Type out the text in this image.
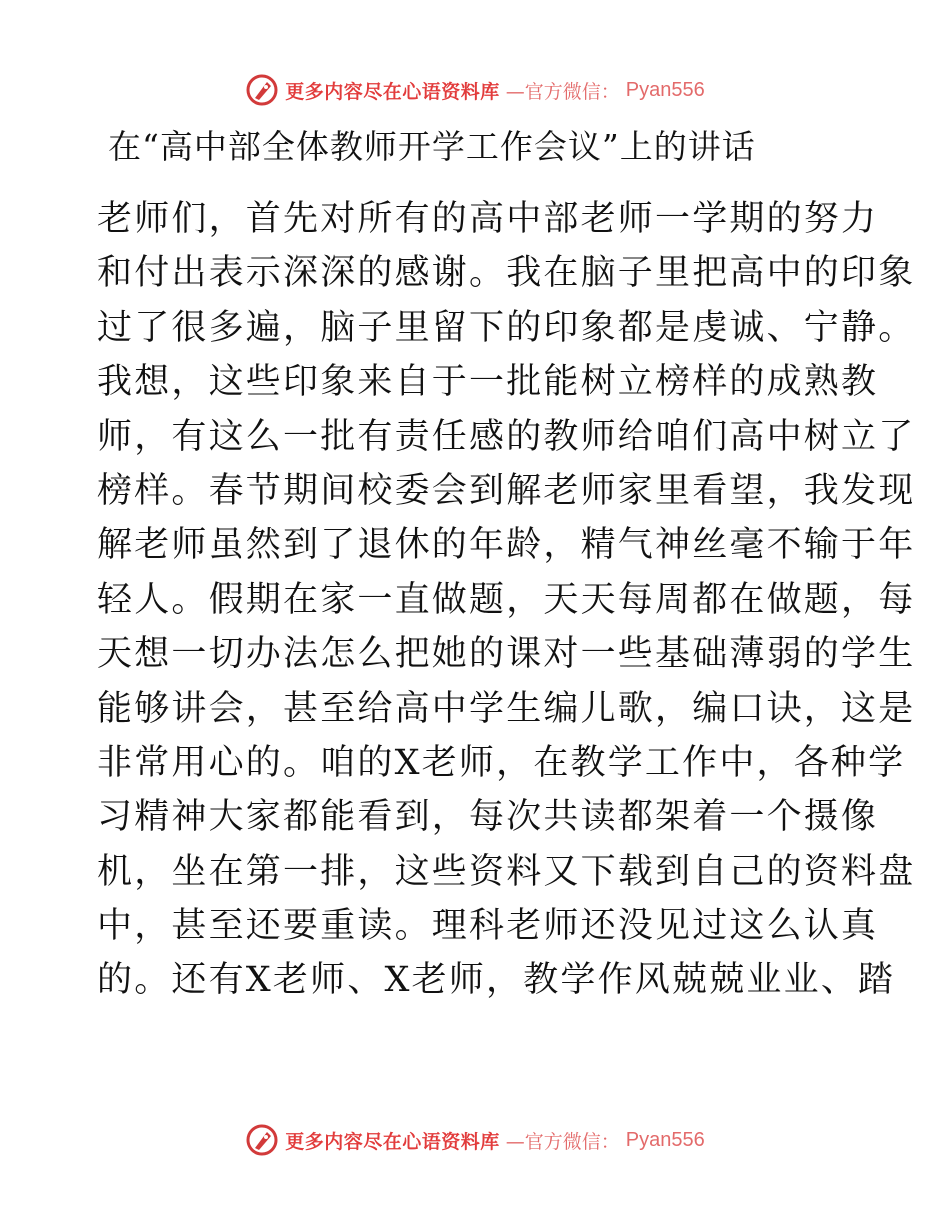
更多内容尽在心语资料库 —官方微信： Pyan556
在“高中部全体教师开学工作会议”上的讲话
老师们，首先对所有的高中部老师一学期的努力
和付出表示深深的感谢。我在脑子里把高中的印象
过了很多遍，脑子里留下的印象都是虔诚、宁静。
我想，这些印象来自于一批能树立榜样的成熟教
师，有这么一批有责任感的教师给咱们高中树立了
榜样。春节期间校委会到解老师家里看望，我发现
解老师虽然到了退休的年龄，精气神丝毫不输于年
轻人。假期在家一直做题，天天每周都在做题，每
天想一切办法怎么把她的课对一些基础薄弱的学生
能够讲会，甚至给高中学生编儿歌，编口诀，这是
非常用心的。咱的X老师，在教学工作中，各种学
习精神大家都能看到，每次共读都架着一个摄像
机，坐在第一排，这些资料又下载到自己的资料盘
中，甚至还要重读。理科老师还没见过这么认真
的。还有X老师、X老师，教学作风兢兢业业、踏
更多内容尽在心语资料库 —官方微信： Pyan556
